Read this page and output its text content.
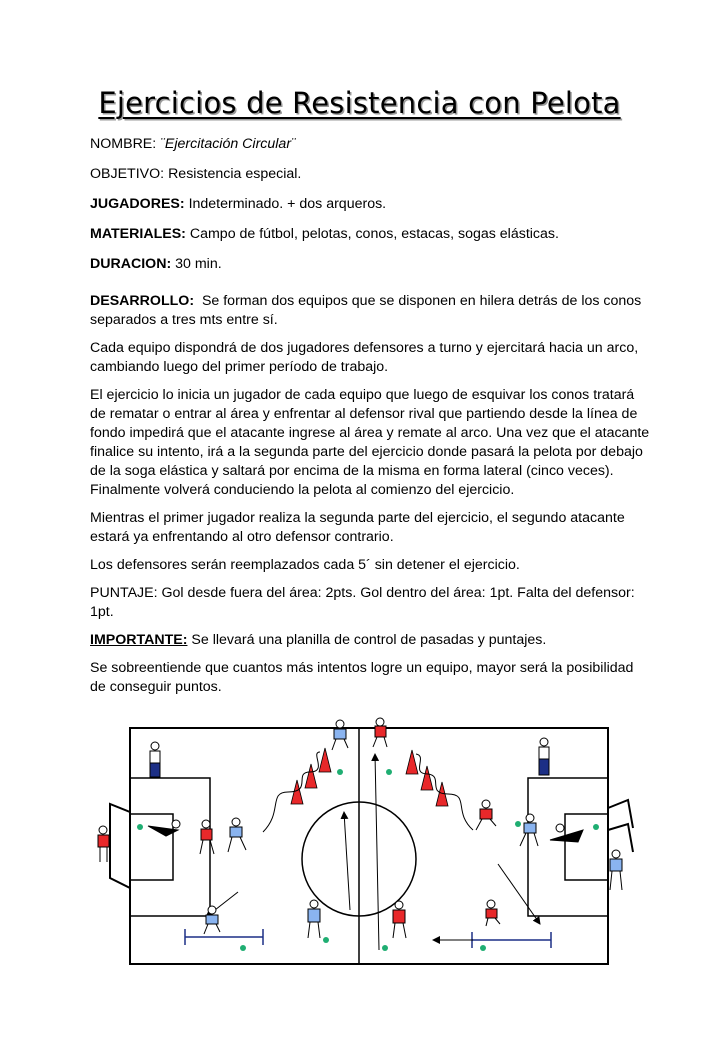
Ejercicios de Resistencia con Pelota

NOMBRE: ¨Ejercitación Circular¨

OBJETIVO: Resistencia especial.

JUGADORES: Indeterminado. + dos arqueros.

MATERIALES: Campo de fútbol, pelotas, conos, estacas, sogas elásticas.

DURACION: 30 min.

DESARROLLO: Se forman dos equipos que se disponen en hilera detrás de los conos separados a tres mts entre sí.

Cada equipo dispondrá de dos jugadores defensores a turno y ejercitará hacia un arco, cambiando luego del primer período de trabajo.

El ejercicio lo inicia un jugador de cada equipo que luego de esquivar los conos tratará de rematar o entrar al área y enfrentar al defensor rival que partiendo desde la línea de fondo impedirá que el atacante ingrese al área y remate al arco. Una vez que el atacante finalice su intento, irá a la segunda parte del ejercicio donde pasará la pelota por debajo de la soga elástica y saltará por encima de la misma en forma lateral (cinco veces). Finalmente volverá conduciendo la pelota al comienzo del ejercicio.

Mientras el primer jugador realiza la segunda parte del ejercicio, el segundo atacante estará ya enfrentando al otro defensor contrario.

Los defensores serán reemplazados cada 5´ sin detener el ejercicio.

PUNTAJE: Gol desde fuera del área: 2pts. Gol dentro del área: 1pt. Falta del defensor: 1pt.

IMPORTANTE: Se llevará una planilla de control de pasadas y puntajes.

Se sobreentiende que cuantos más intentos logre un equipo, mayor será la posibilidad de conseguir puntos.
